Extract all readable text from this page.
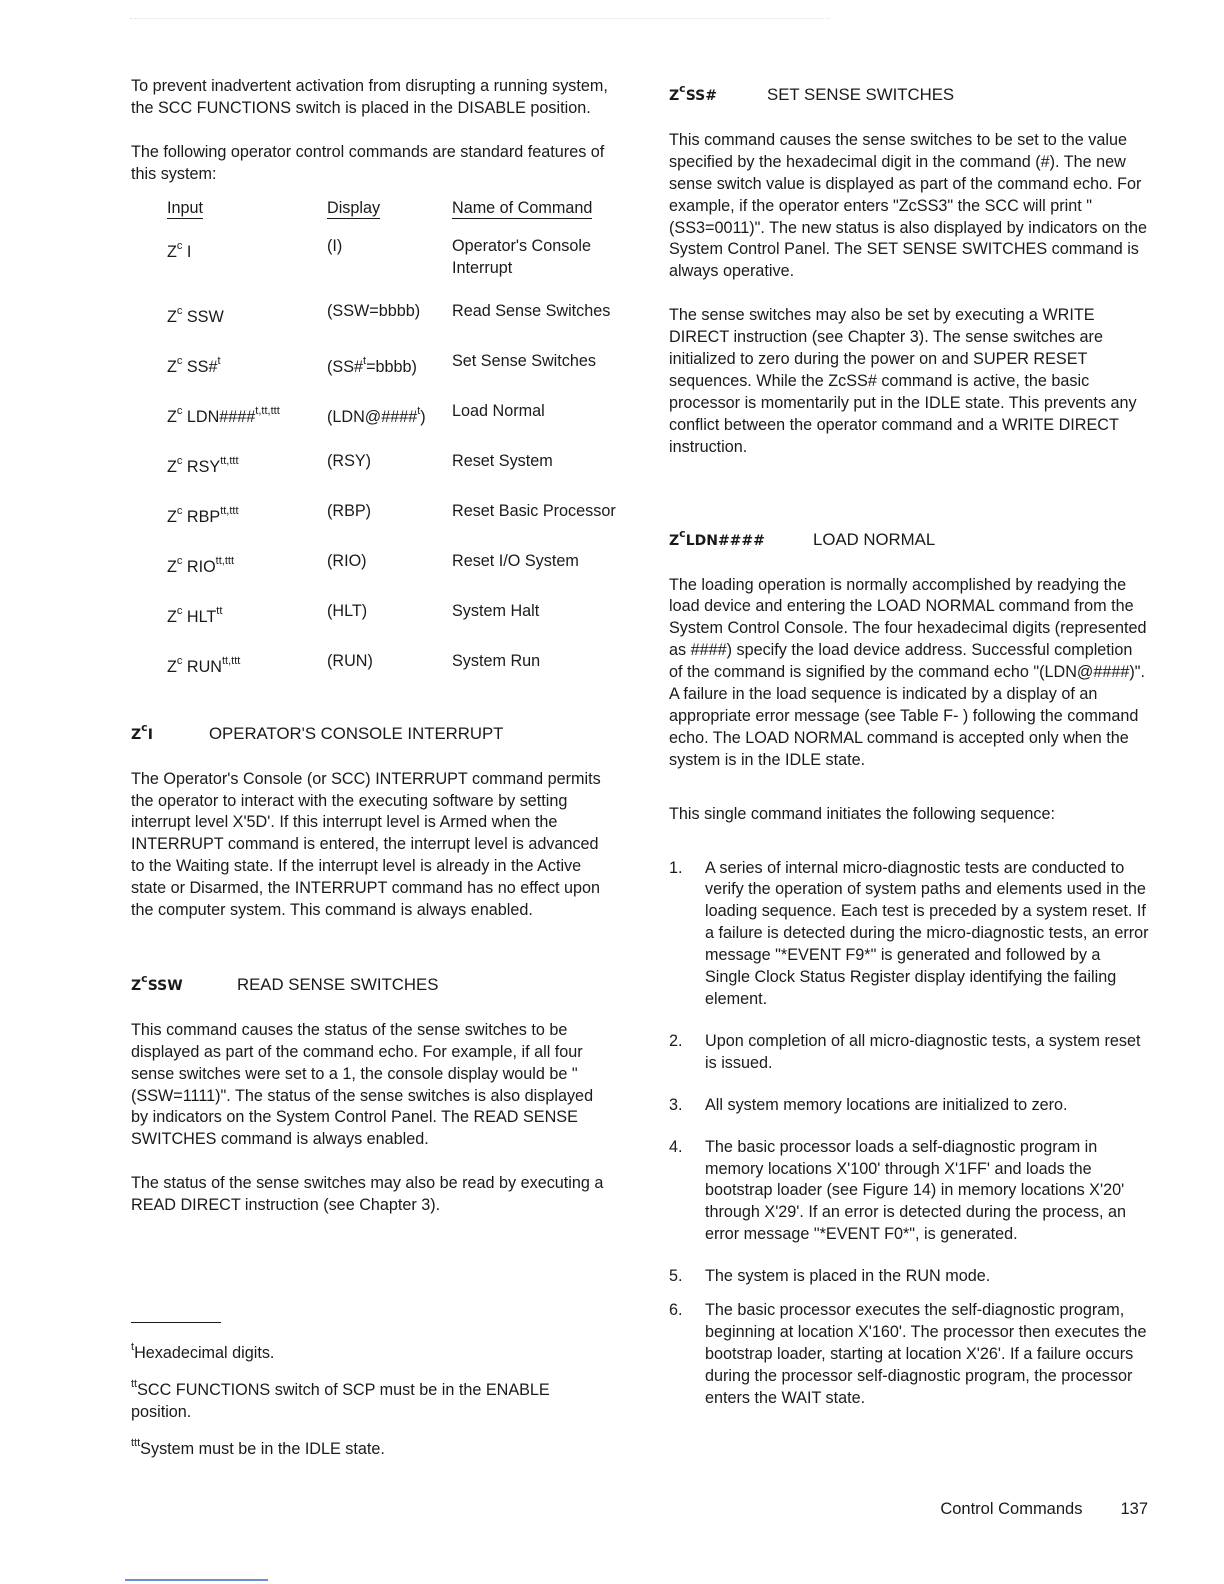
To prevent inadvertent activation from disrupting a running system, the SCC FUNCTIONS switch is placed in the DISABLE position.

The following operator control commands are standard features of this system:

Input	Display	Name of Command
$Z^c$ I	(I)	Operator's Console Interrupt
$Z^c$ SSW	(SSW=bbbb)	Read Sense Switches
$Z^c$ SS#$^t$	(SS#$^t$=bbbb)	Set Sense Switches
$Z^c$ LDN####$^{t,tt,ttt}$	(LDN@####$^t$)	Load Normal
$Z^c$ $RSY^{tt,ttt}$	(RSY)	Reset System
$Z^c$ $RBP^{tt,ttt}$	(RBP)	Reset Basic Processor
$Z^c$ $RIO^{tt,ttt}$	(RIO)	Reset I/O System
$Z^c$ $HLT^{tt}$	(HLT)	System Halt
$Z^c$ $RUN^{tt,ttt}$	(RUN)	System Run
$Z^cI$	OPERATOR'S CONSOLE INTERRUPT

The Operator's Console (or SCC) INTERRUPT command permits the operator to interact with the executing software by setting interrupt level X'5D'. If this interrupt level is Armed when the INTERRUPT command is entered, the interrupt level is advanced to the Waiting state. If the interrupt level is already in the Active state or Disarmed, the INTERRUPT command has no effect upon the computer system. This command is always enabled.

$Z^cSSW$	READ SENSE SWITCHES

This command causes the status of the sense switches to be displayed as part of the command echo. For example, if all four sense switches were set to a 1, the console display would be "(SSW=1111)". The status of the sense switches is also displayed by indicators on the System Control Panel. The READ SENSE SWITCHES command is always enabled.

The status of the sense switches may also be read by executing a READ DIRECT instruction (see Chapter 3).

$^t$Hexadecimal digits.

$^{tt}$SCC FUNCTIONS switch of SCP must be in the ENABLE position.

$^{ttt}$System must be in the IDLE state.

$Z^cSS\#$	SET SENSE SWITCHES

This command causes the sense switches to be set to the value specified by the hexadecimal digit in the command (#). The new sense switch value is displayed as part of the command echo. For example, if the operator enters "ZcSS3" the SCC will print "(SS3=0011)". The new status is also displayed by indicators on the System Control Panel. The SET SENSE SWITCHES command is always operative.

The sense switches may also be set by executing a WRITE DIRECT instruction (see Chapter 3). The sense switches are initialized to zero during the power on and SUPER RESET sequences. While the ZcSS# command is active, the basic processor is momentarily put in the IDLE state. This prevents any conflict between the operator command and a WRITE DIRECT instruction.

$Z^cLDN\#\#\#\#$	LOAD NORMAL

The loading operation is normally accomplished by readying the load device and entering the LOAD NORMAL command from the System Control Console. The four hexadecimal digits (represented as ####) specify the load device address. Successful completion of the command is signified by the command echo "(LDN@####)". A failure in the load sequence is indicated by a display of an appropriate error message (see Table F- ) following the command echo. The LOAD NORMAL command is accepted only when the system is in the IDLE state.

This single command initiates the following sequence:

1.	A series of internal micro-diagnostic tests are conducted to verify the operation of system paths and elements used in the loading sequence. Each test is preceded by a system reset. If a failure is detected during the micro-diagnostic tests, an error message "*EVENT F9*" is generated and followed by a Single Clock Status Register display identifying the failing element.
2.	Upon completion of all micro-diagnostic tests, a system reset is issued.
3.	All system memory locations are initialized to zero.
4.	The basic processor loads a self-diagnostic program in memory locations X'100' through X'1FF' and loads the bootstrap loader (see Figure 14) in memory locations X'20' through X'29'. If an error is detected during the process, an error message "*EVENT F0*", is generated.
5.	The system is placed in the RUN mode.
6.	The basic processor executes the self-diagnostic program, beginning at location X'160'. The processor then executes the bootstrap loader, starting at location X'26'. If a failure occurs during the processor self-diagnostic program, the processor enters the WAIT state.
Control Commands 137
